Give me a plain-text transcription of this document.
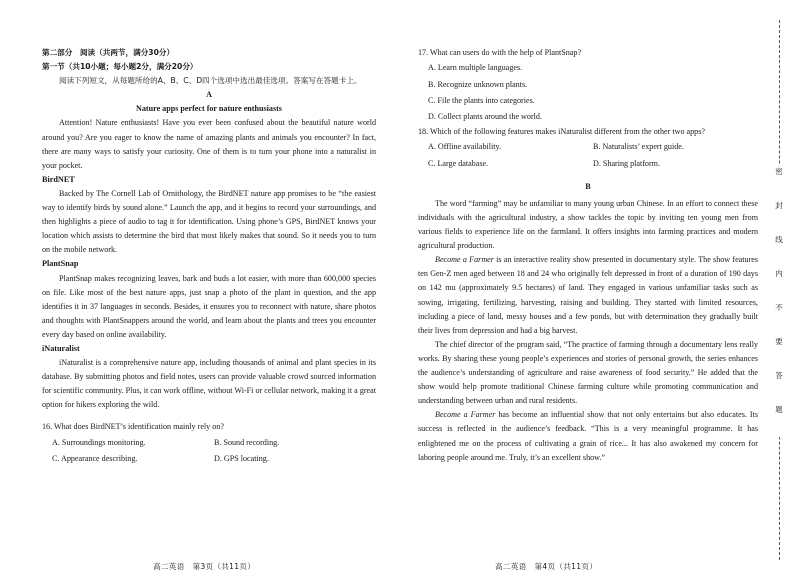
第二部分　阅读（共两节，满分30分）

第一节（共10小题；每小题2分，满分20分）

阅读下列短文，从每题所给的A、B、C、D四个选项中选出最佳选项。答案写在答题卡上。

A

Nature apps perfect for nature enthusiasts

Attention! Nature enthusiasts! Have you ever been confused about the beautiful nature world around you? Are you eager to know the name of amazing plants and animals you encounter? In fact, there are many ways to satisfy your curiosity. One of them is to turn your phone into a naturalist in your pocket.

BirdNET

Backed by The Cornell Lab of Ornithology, the BirdNET nature app promises to be “the easiest way to identify birds by sound alone.” Launch the app, and it begins to record your surroundings, and then highlights a piece of audio to tag it for identification. Using phone’s GPS, BirdNET knows your location which assists to determine the bird that most likely makes that sound. So it needs you to turn on the mobile network.

PlantSnap

PlantSnap makes recognizing leaves, bark and buds a lot easier, with more than 600,000 species on file. Like most of the best nature apps, just snap a photo of the plant in question, and the app identifies it in 37 languages in seconds. Besides, it ensures you to reconnect with nature, share photos and thoughts with PlantSnappers around the world, and learn about the plants and trees you encounter every day based on online availability.

iNaturalist

iNaturalist is a comprehensive nature app, including thousands of animal and plant species in its database. By submitting photos and field notes, users can provide valuable crowd sourced information for scientific community. Plus, it can work offline, without Wi-Fi or cellular network, making it a great option for hikers exploring the wild.

16. What does BirdNET’s identification mainly rely on?

A. Surroundings monitoring.	B. Sound recording.
C. Appearance describing.	D. GPS locating.
高二英语　第3页（共11页）

17. What can users do with the help of PlantSnap?

A. Learn multiple languages.
B. Recognize unknown plants.
C. File the plants into categories.
D. Collect plants around the world.

18. Which of the following features makes iNaturalist different from the other two apps?

A. Offline availability.	B. Naturalists’ expert guide.
C. Large database.	D. Sharing platform.

B

The word “farming” may be unfamiliar to many young urban Chinese. In an effort to connect these individuals with the agricultural industry, a show tackles the topic by inviting ten young men from various fields to experience life on the farmland. It offers insights into farming practices and modern agricultural production.

Become a Farmer is an interactive reality show presented in documentary style. The show features ten Gen-Z men aged between 18 and 24 who originally felt depressed in front of a duration of 190 days on 142 mu (approximately 9.5 hectares) of land. They engaged in various unfamiliar tasks such as sowing, irrigating, fertilizing, harvesting, raising and building. They started with limited resources, including a piece of land, messy houses and a few ponds, but with determination they gradually built their lives from depression and had a big harvest.

The chief director of the program said, “The practice of farming through a documentary lens really works. By sharing these young people’s experiences and stories of personal growth, the series enhances the audience’s understanding of agriculture and raise awareness of food security.” He added that the show would help promote traditional Chinese farming culture while promoting communication and understanding between urban and rural residents.

Become a Farmer has become an influential show that not only entertains but also educates. Its success is reflected in the audience’s feedback. “This is a very meaningful programme. It has enlightened me on the process of cultivating a grain of rice... It has also awakened my concern for laboring people around me. Truly, it’s an excellent show.”

高二英语　第4页（共11页）
密
封
线
内
不
要
答
题
